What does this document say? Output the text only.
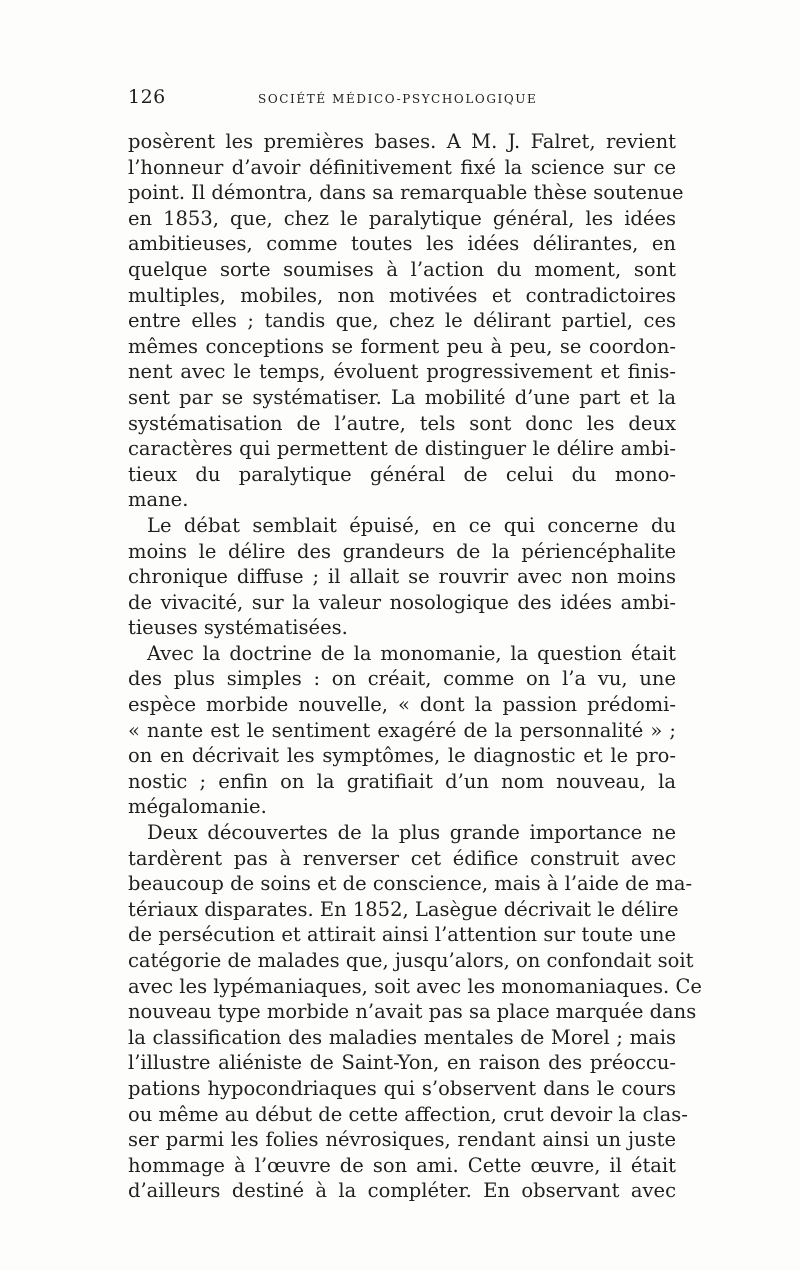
126	SOCIÉTÉ MÉDICO-PSYCHOLOGIQUE
posèrent les premières bases. A M. J. Falret, revient
l’honneur d’avoir définitivement fixé la science sur ce
point. Il démontra, dans sa remarquable thèse soutenue
en 1853, que, chez le paralytique général, les idées
ambitieuses, comme toutes les idées délirantes, en
quelque sorte soumises à l’action du moment, sont
multiples, mobiles, non motivées et contradictoires
entre elles ; tandis que, chez le délirant partiel, ces
mêmes conceptions se forment peu à peu, se coordon-
nent avec le temps, évoluent progressivement et finis-
sent par se systématiser. La mobilité d’une part et la
systématisation de l’autre, tels sont donc les deux
caractères qui permettent de distinguer le délire ambi-
tieux du paralytique général de celui du mono-
mane.
Le débat semblait épuisé, en ce qui concerne du
moins le délire des grandeurs de la périencéphalite
chronique diffuse ; il allait se rouvrir avec non moins
de vivacité, sur la valeur nosologique des idées ambi-
tieuses systématisées.
Avec la doctrine de la monomanie, la question était
des plus simples : on créait, comme on l’a vu, une
espèce morbide nouvelle, « dont la passion prédomi-
« nante est le sentiment exagéré de la personnalité » ;
on en décrivait les symptômes, le diagnostic et le pro-
nostic ; enfin on la gratifiait d’un nom nouveau, la
mégalomanie.
Deux découvertes de la plus grande importance ne
tardèrent pas à renverser cet édifice construit avec
beaucoup de soins et de conscience, mais à l’aide de ma-
tériaux disparates. En 1852, Lasègue décrivait le délire
de persécution et attirait ainsi l’attention sur toute une
catégorie de malades que, jusqu’alors, on confondait soit
avec les lypémaniaques, soit avec les monomaniaques. Ce
nouveau type morbide n’avait pas sa place marquée dans
la classification des maladies mentales de Morel ; mais
l’illustre aliéniste de Saint-Yon, en raison des préoccu-
pations hypocondriaques qui s’observent dans le cours
ou même au début de cette affection, crut devoir la clas-
ser parmi les folies névrosiques, rendant ainsi un juste
hommage à l’œuvre de son ami. Cette œuvre, il était
d’ailleurs destiné à la compléter. En observant avec
